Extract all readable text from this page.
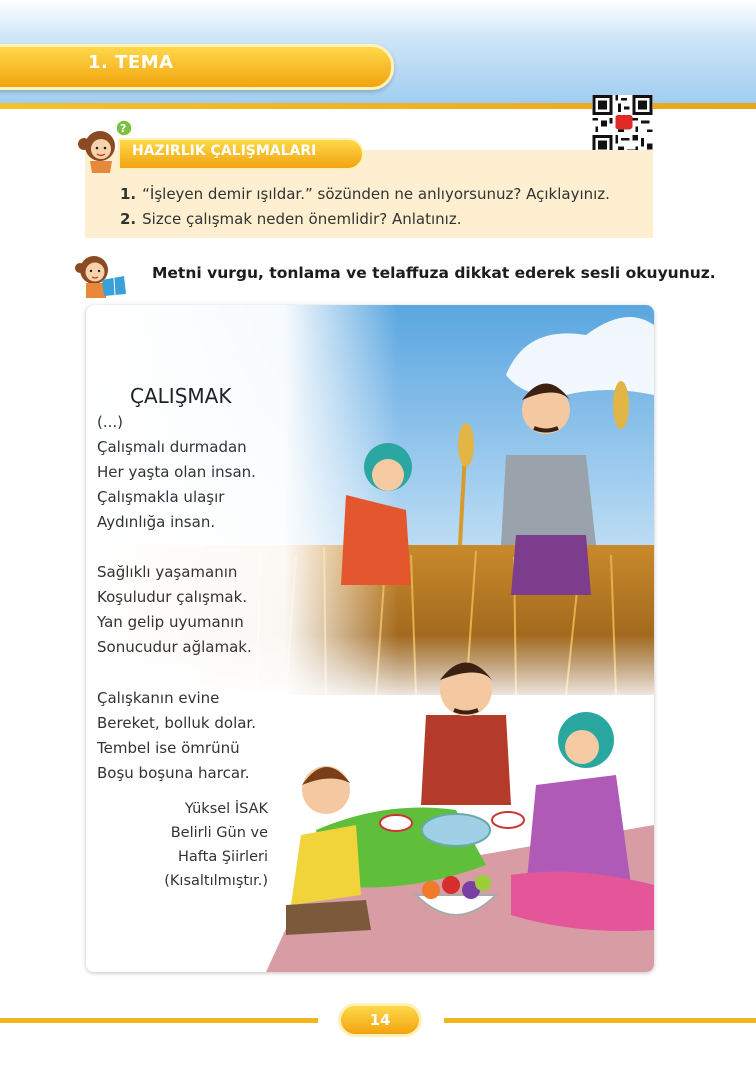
1. TEMA
HAZIRLIK ÇALIŞMALARI
?
1. “İşleyen demir ışıldar.” sözünden ne anlıyorsunuz? Açıklayınız.
2. Sizce çalışmak neden önemlidir? Anlatınız.
Metni vurgu, tonlama ve telaffuza dikkat ederek sesli okuyunuz.
ÇALIŞMAK
(...)
Çalışmalı durmadan
Her yaşta olan insan.
Çalışmakla ulaşır
Aydınlığa insan.
Sağlıklı yaşamanın
Koşuludur çalışmak.
Yan gelip uyumanın
Sonucudur ağlamak.
Çalışkanın evine
Bereket, bolluk dolar.
Tembel ise ömrünü
Boşu boşuna harcar.
Yüksel İSAK
Belirli Gün ve
Hafta Şiirleri
(Kısaltılmıştır.)
14
